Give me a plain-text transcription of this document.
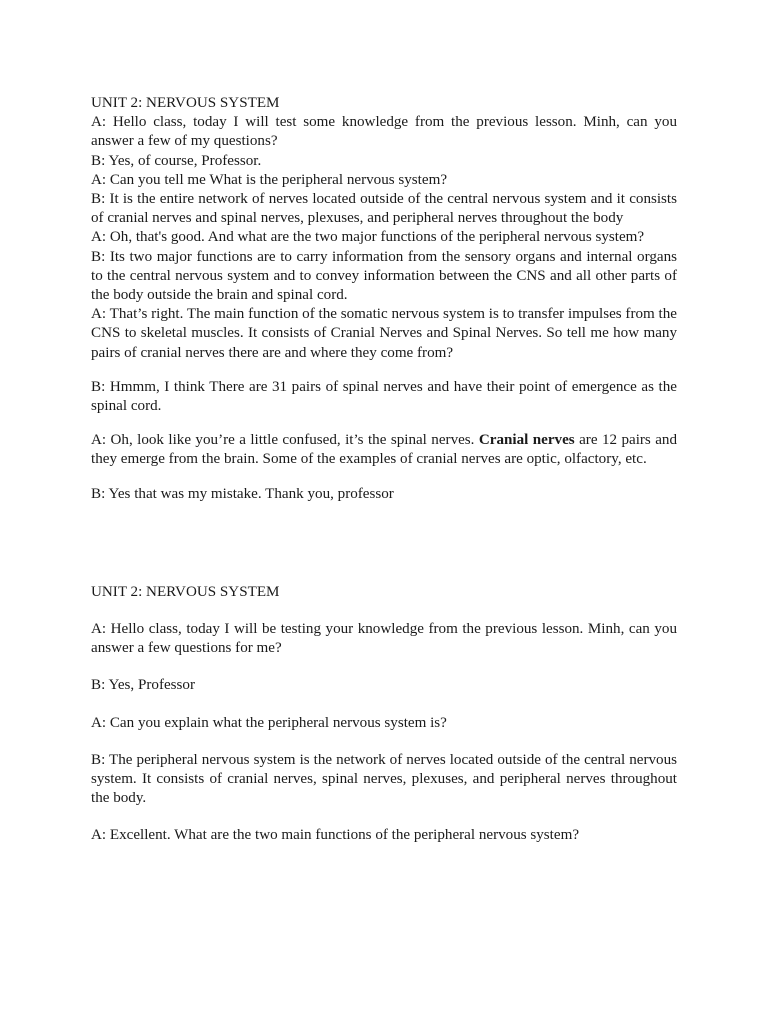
UNIT 2: NERVOUS SYSTEM

A: Hello class, today I will test some knowledge from the previous lesson. Minh, can you answer a few of my questions?

B: Yes, of course, Professor.

A: Can you tell me What is the peripheral nervous system?

B: It is the entire network of nerves located outside of the central nervous system and it consists of cranial nerves and spinal nerves, plexuses, and peripheral nerves throughout the body

A: Oh, that's good. And what are the two major functions of the peripheral nervous system?

B: Its two major functions are to carry information from the sensory organs and internal organs to the central nervous system and to convey information between the CNS and all other parts of the body outside the brain and spinal cord.

A: That’s right. The main function of the somatic nervous system is to transfer impulses from the CNS to skeletal muscles. It consists of Cranial Nerves and Spinal Nerves. So tell me how many pairs of cranial nerves there are and where they come from?

B: Hmmm, I think There are 31 pairs of spinal nerves and have their point of emergence as the spinal cord.

A: Oh, look like you’re a little confused, it’s the spinal nerves. Cranial nerves are 12 pairs and they emerge from the brain. Some of the examples of cranial nerves are optic, olfactory, etc.

B: Yes that was my mistake. Thank you, professor

UNIT 2: NERVOUS SYSTEM

A: Hello class, today I will be testing your knowledge from the previous lesson. Minh, can you answer a few questions for me?

B: Yes, Professor

A: Can you explain what the peripheral nervous system is?

B: The peripheral nervous system is the network of nerves located outside of the central nervous system. It consists of cranial nerves, spinal nerves, plexuses, and peripheral nerves throughout the body.

A: Excellent. What are the two main functions of the peripheral nervous system?
